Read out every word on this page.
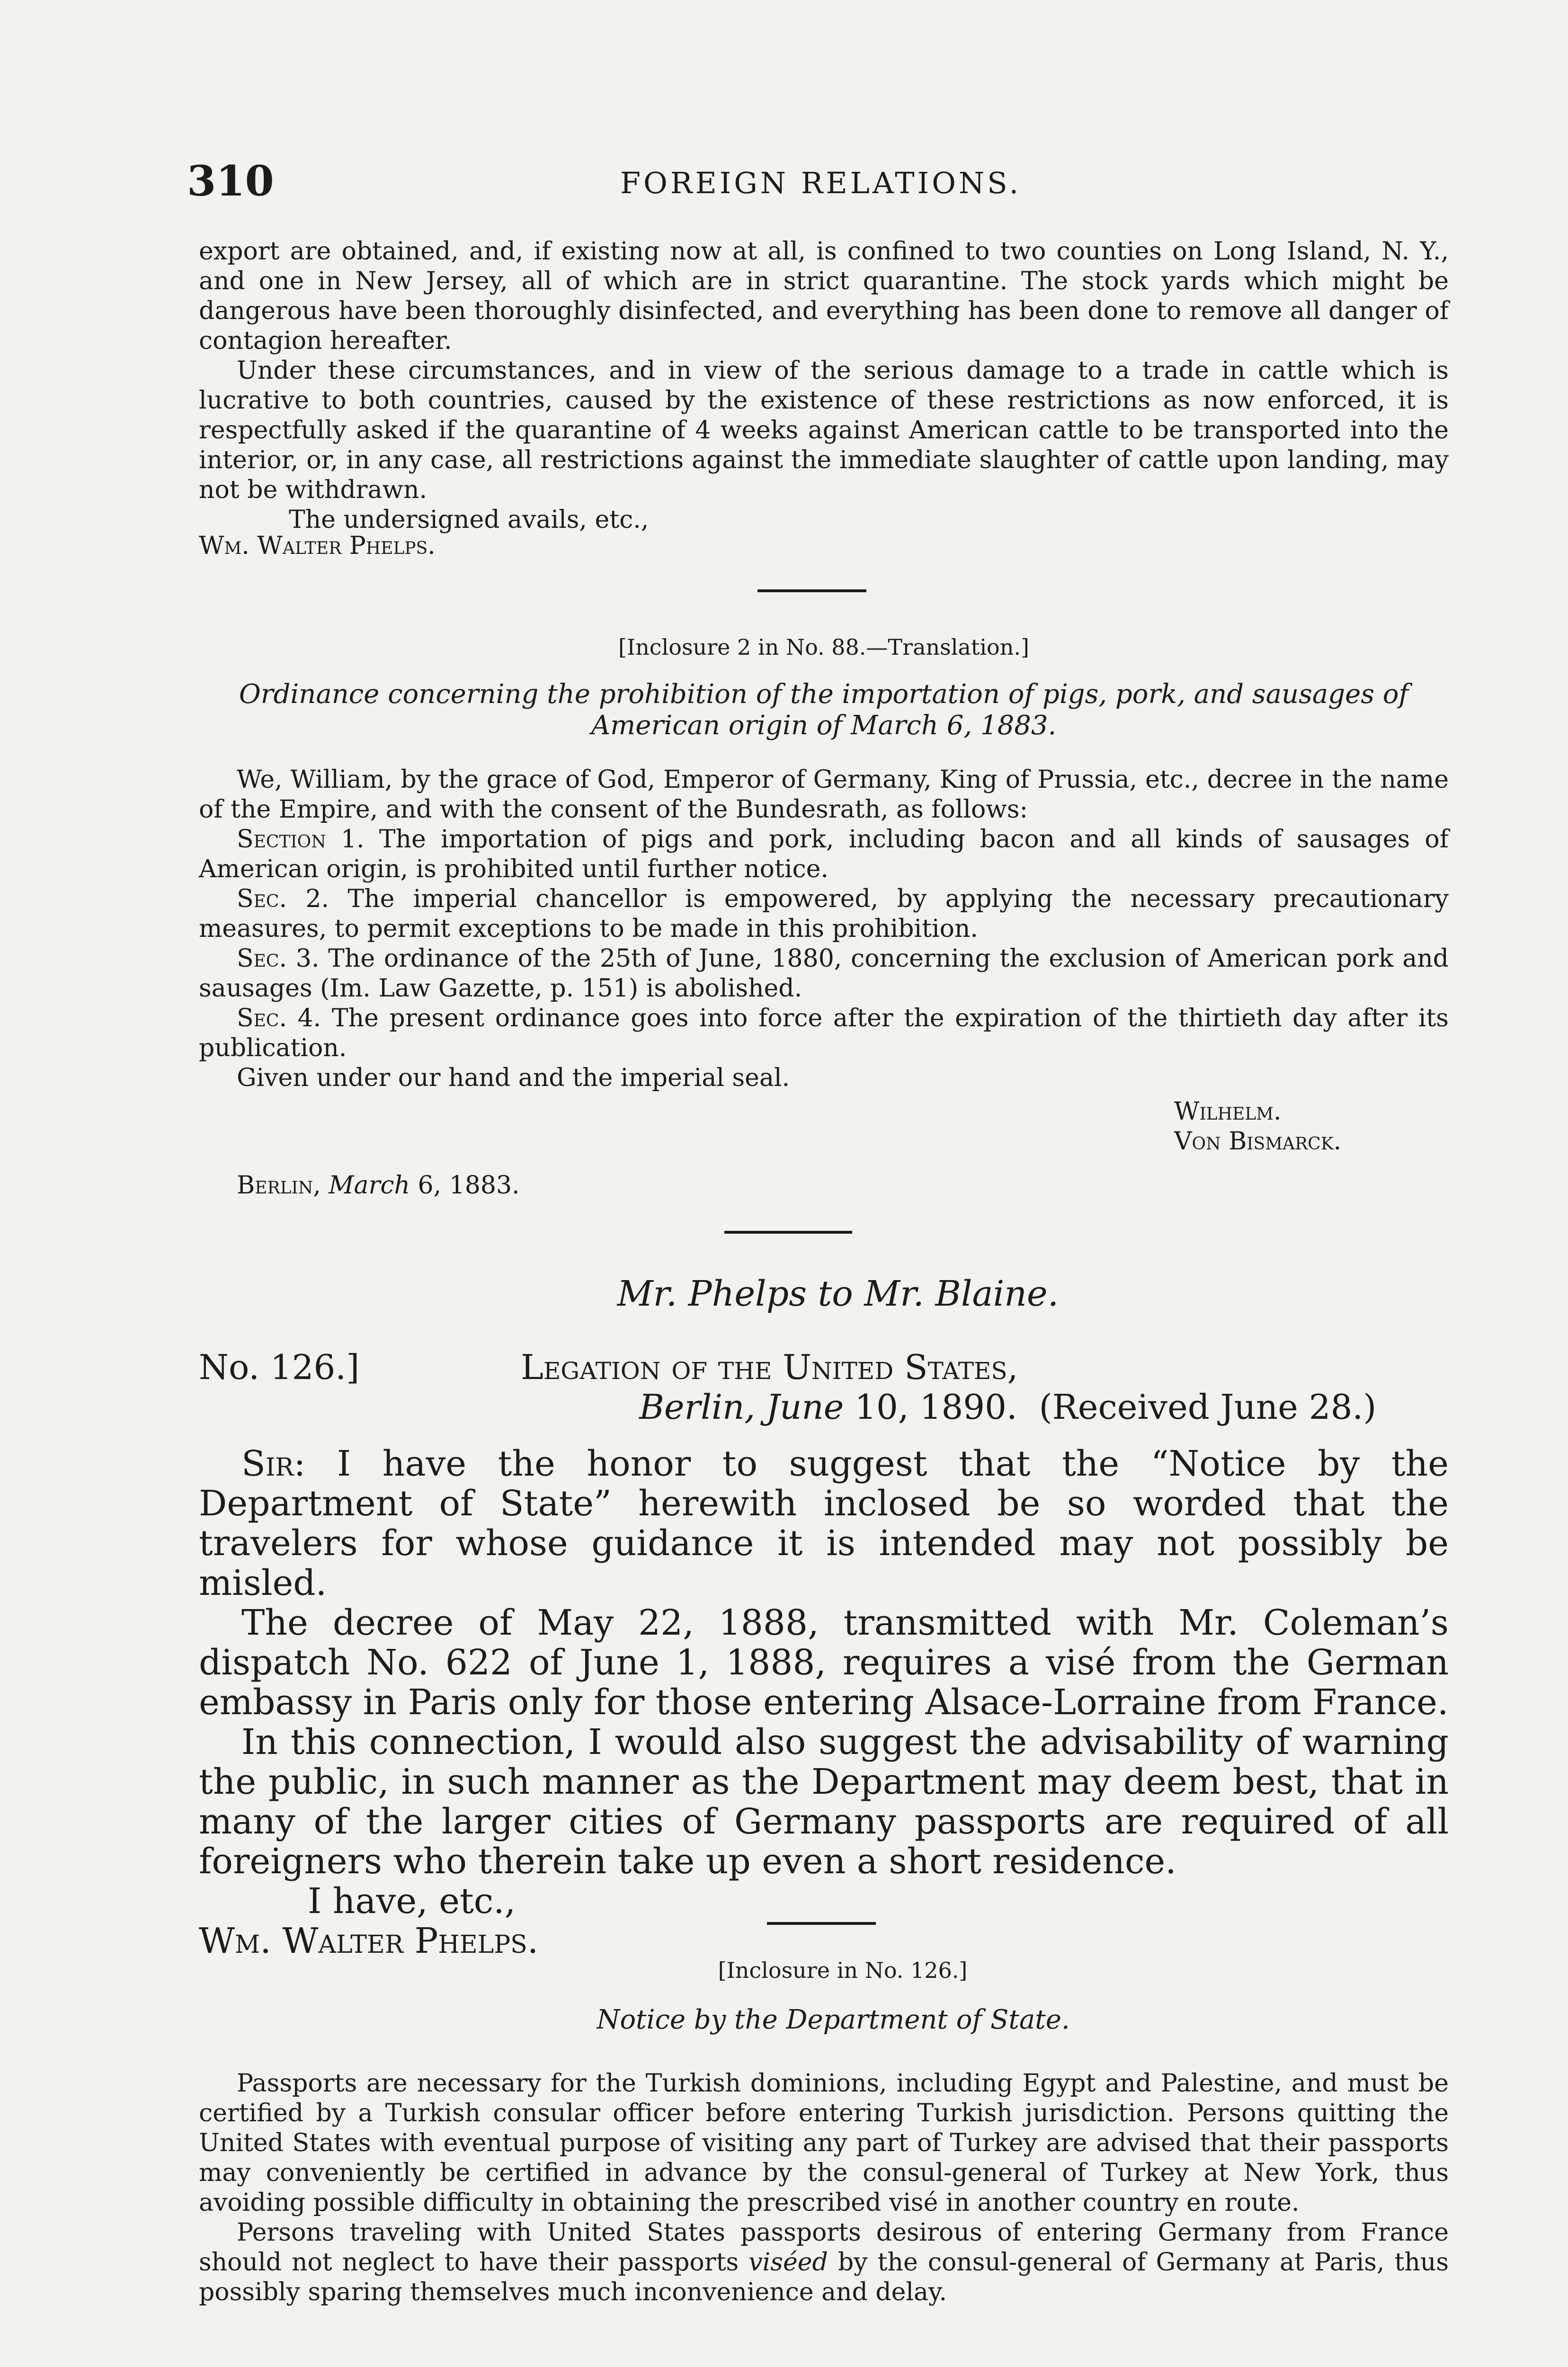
310	FOREIGN RELATIONS.

export are obtained, and, if existing now at all, is confined to two counties on Long Island, N. Y., and one in New Jersey, all of which are in strict quarantine. The stock yards which might be dangerous have been thoroughly disinfected, and everything has been done to remove all danger of contagion hereafter.

Under these circumstances, and in view of the serious damage to a trade in cattle which is lucrative to both countries, caused by the existence of these restrictions as now enforced, it is respectfully asked if the quarantine of 4 weeks against American cattle to be transported into the interior, or, in any case, all restrictions against the immediate slaughter of cattle upon landing, may not be withdrawn.

The undersigned avails, etc.,

Wm. Walter Phelps.

[Inclosure 2 in No. 88.—Translation.]
Ordinance concerning the prohibition of the importation of pigs, pork, and sausages of
American origin of March 6, 1883.

We, William, by the grace of God, Emperor of Germany, King of Prussia, etc., decree in the name of the Empire, and with the consent of the Bundesrath, as follows:

Section 1. The importation of pigs and pork, including bacon and all kinds of sausages of American origin, is prohibited until further notice.

Sec. 2. The imperial chancellor is empowered, by applying the necessary precautionary measures, to permit exceptions to be made in this prohibition.

Sec. 3. The ordinance of the 25th of June, 1880, concerning the exclusion of American pork and sausages (Im. Law Gazette, p. 151) is abolished.

Sec. 4. The present ordinance goes into force after the expiration of the thirtieth day after its publication.

Given under our hand and the imperial seal.

Wilhelm.
Von Bismarck.
Berlin, March 6, 1883.
Mr. Phelps to Mr. Blaine.
No. 126.]	Legation of the United States,
Berlin, June 10, 1890. (Received June 28.)

Sir: I have the honor to suggest that the “Notice by the Department of State” herewith inclosed be so worded that the travelers for whose guidance it is intended may not possibly be misled.

The decree of May 22, 1888, transmitted with Mr. Coleman’s dispatch No. 622 of June 1, 1888, requires a visé from the German embassy in Paris only for those entering Alsace-Lorraine from France.

In this connection, I would also suggest the advisability of warning the public, in such manner as the Department may deem best, that in many of the larger cities of Germany passports are required of all foreigners who therein take up even a short residence.

I have, etc.,

Wm. Walter Phelps.

[Inclosure in No. 126.]
Notice by the Department of State.

Passports are necessary for the Turkish dominions, including Egypt and Palestine, and must be certified by a Turkish consular officer before entering Turkish jurisdiction. Persons quitting the United States with eventual purpose of visiting any part of Turkey are advised that their passports may conveniently be certified in advance by the consul-general of Turkey at New York, thus avoiding possible difficulty in obtaining the prescribed visé in another country en route.

Persons traveling with United States passports desirous of entering Germany from France should not neglect to have their passports viséed by the consul-general of Germany at Paris, thus possibly sparing themselves much inconvenience and delay.
